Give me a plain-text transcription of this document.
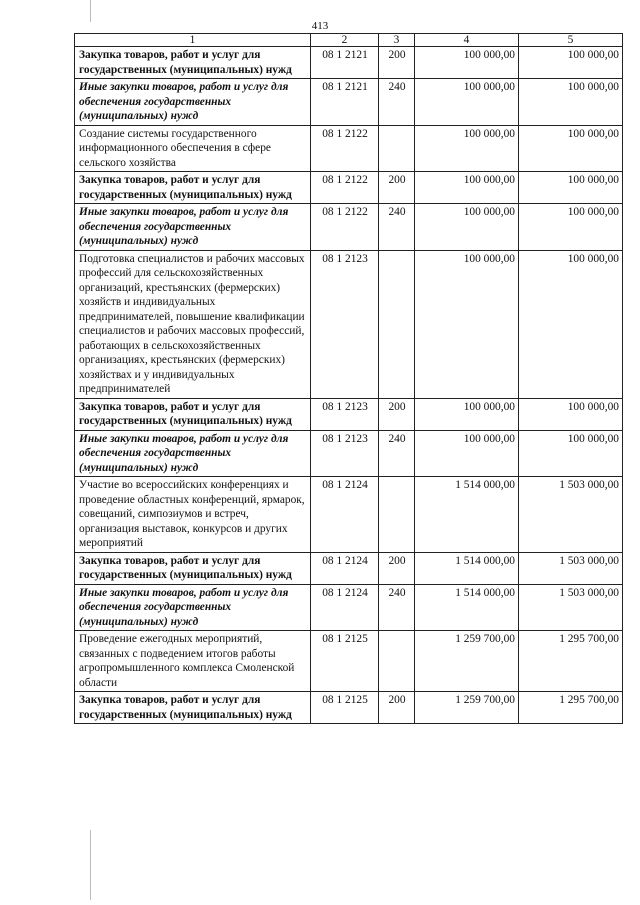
413
1	2	3	4	5
Закупка товаров, работ и услуг для государственных (муниципальных) нужд	08 1 2121	200	100 000,00	100 000,00
Иные закупки товаров, работ и услуг для обеспечения государственных (муниципальных) нужд	08 1 2121	240	100 000,00	100 000,00
Создание системы государственного информационного обеспечения в сфере сельского хозяйства	08 1 2122		100 000,00	100 000,00
Закупка товаров, работ и услуг для государственных (муниципальных) нужд	08 1 2122	200	100 000,00	100 000,00
Иные закупки товаров, работ и услуг для обеспечения государственных (муниципальных) нужд	08 1 2122	240	100 000,00	100 000,00
Подготовка специалистов и рабочих массовых профессий для сельскохозяйственных организаций, крестьянских (фермерских) хозяйств и индивидуальных предпринимателей, повышение квалификации специалистов и рабочих массовых профессий, работающих в сельскохозяйственных организациях, крестьянских (фермерских) хозяйствах и у индивидуальных предпринимателей	08 1 2123		100 000,00	100 000,00
Закупка товаров, работ и услуг для государственных (муниципальных) нужд	08 1 2123	200	100 000,00	100 000,00
Иные закупки товаров, работ и услуг для обеспечения государственных (муниципальных) нужд	08 1 2123	240	100 000,00	100 000,00
Участие во всероссийских конференциях и проведение областных конференций, ярмарок, совещаний, симпозиумов и встреч, организация выставок, конкурсов и других мероприятий	08 1 2124		1 514 000,00	1 503 000,00
Закупка товаров, работ и услуг для государственных (муниципальных) нужд	08 1 2124	200	1 514 000,00	1 503 000,00
Иные закупки товаров, работ и услуг для обеспечения государственных (муниципальных) нужд	08 1 2124	240	1 514 000,00	1 503 000,00
Проведение ежегодных мероприятий, связанных с подведением итогов работы агропромышленного комплекса Смоленской области	08 1 2125		1 259 700,00	1 295 700,00
Закупка товаров, работ и услуг для государственных (муниципальных) нужд	08 1 2125	200	1 259 700,00	1 295 700,00
